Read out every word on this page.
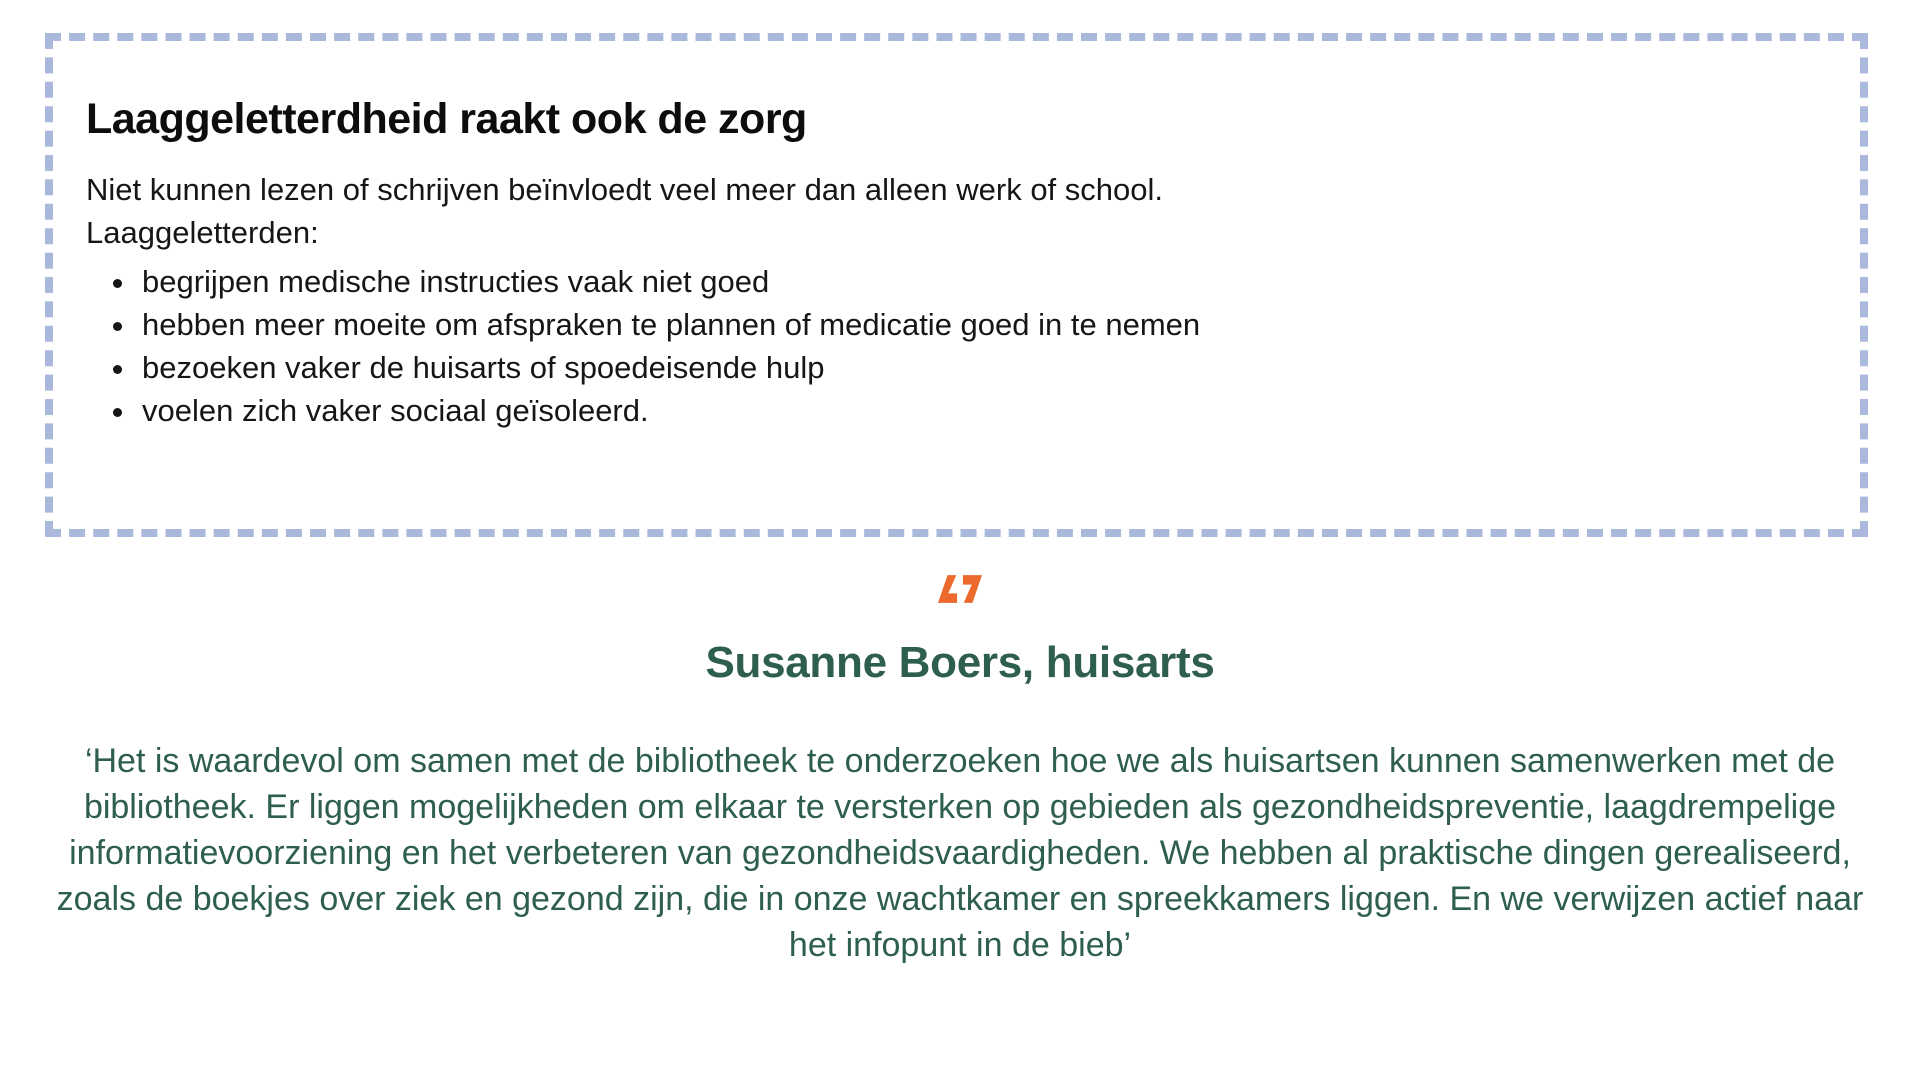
Laaggeletterdheid raakt ook de zorg

Niet kunnen lezen of schrijven beïnvloedt veel meer dan alleen werk of school.
Laaggeletterden:

• begrijpen medische instructies vaak niet goed
• hebben meer moeite om afspraken te plannen of medicatie goed in te nemen
• bezoeken vaker de huisarts of spoedeisende hulp
• voelen zich vaker sociaal geïsoleerd.
Susanne Boers, huisarts

‘Het is waardevol om samen met de bibliotheek te onderzoeken hoe we als huisartsen kunnen samenwerken met de bibliotheek. Er liggen mogelijkheden om elkaar te versterken op gebieden als gezondheidspreventie, laagdrempelige informatievoorziening en het verbeteren van gezondheidsvaardigheden. We hebben al praktische dingen gerealiseerd, zoals de boekjes over ziek en gezond zijn, die in onze wachtkamer en spreekkamers liggen. En we verwijzen actief naar het infopunt in de bieb’
